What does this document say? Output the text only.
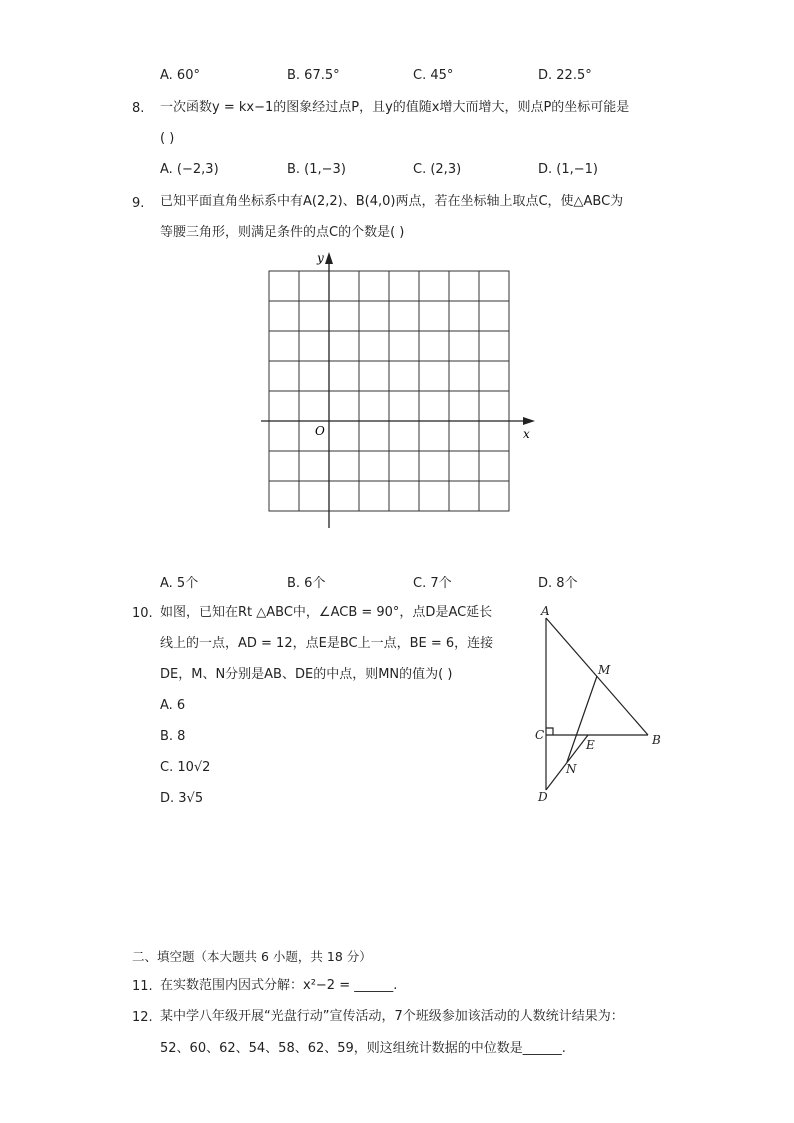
A. 60°	B. 67.5°	C. 45°	D. 22.5°
8. 一次函数y = kx−1的图象经过点P，且y的值随x增大而增大，则点P的坐标可能是
( )
A. (−2,3)	B. (1,−3)	C. (2,3)	D. (1,−1)
9. 已知平面直角坐标系中有A(2,2)、B(4,0)两点，若在坐标轴上取点C，使△ABC为
等腰三角形，则满足条件的点C的个数是( )
y
x
O
A. 5个	B. 6个	C. 7个	D. 8个
10. 如图，已知在Rt △ABC中，∠ACB = 90°，点D是AC延长
线上的一点，AD = 12，点E是BC上一点，BE = 6，连接
DE，M、N分别是AB、DE的中点，则MN的值为( )
A. 6
B. 8
C. 10√2
D. 3√5
A
B
C
D
E
M
N
二、填空题（本大题共 6 小题，共 18 分）
11. 在实数范围内因式分解：x²−2 = ______.
12. 某中学八年级开展“光盘行动”宣传活动，7个班级参加该活动的人数统计结果为：
52、60、62、54、58、62、59，则这组统计数据的中位数是______.
